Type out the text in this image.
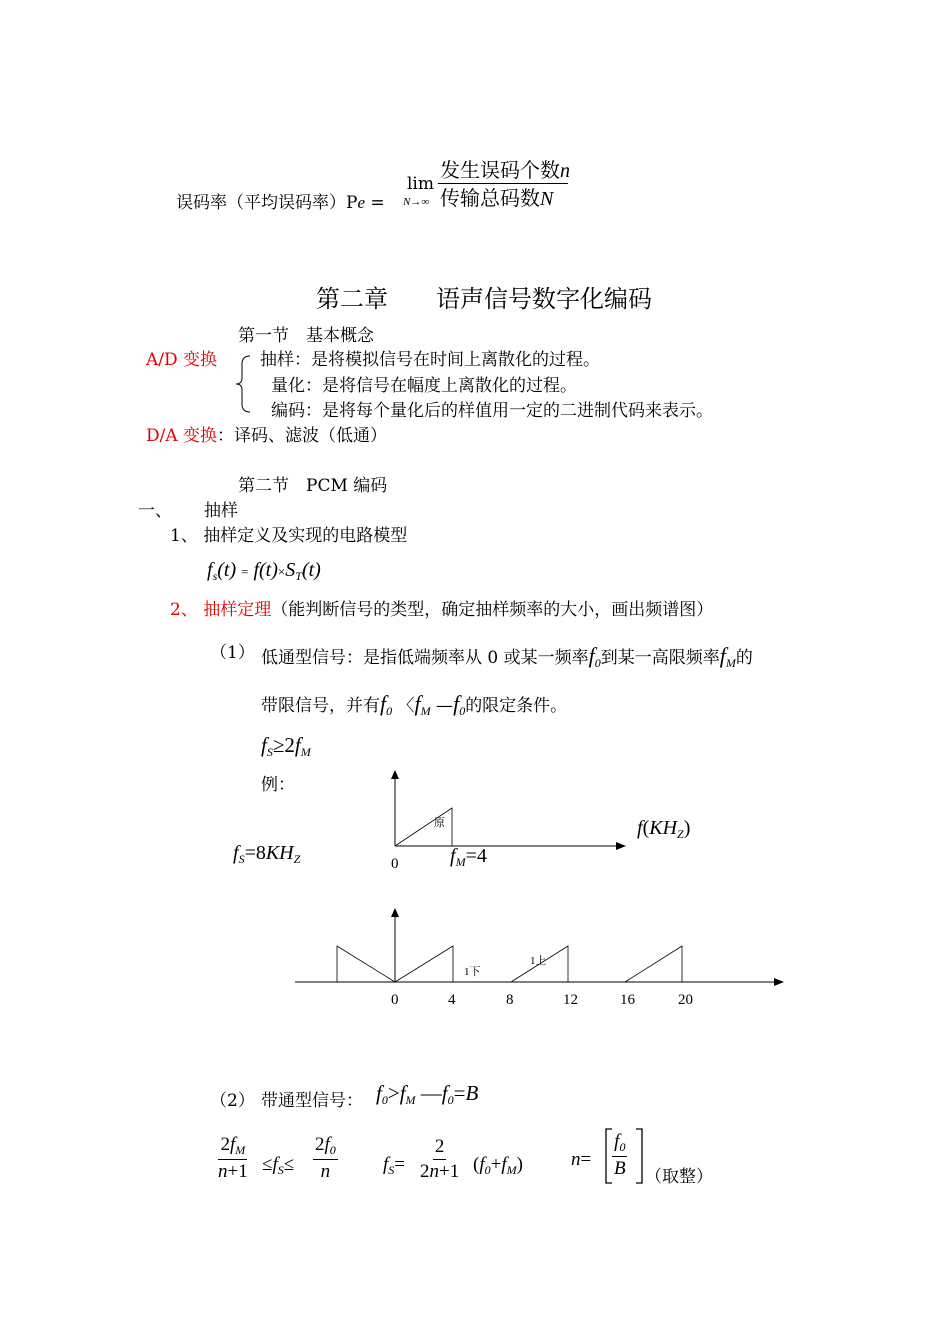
误码率（平均误码率）Pe =
lim
N→∞
发生误码个数n
传输总码数N
第二章　　语声信号数字化编码
第一节　基本概念
A/D 变换	抽样：是将模拟信号在时间上离散化的过程。
量化：是将信号在幅度上离散化的过程。
编码：是将每个量化后的样值用一定的二进制代码来表示。
D/A 变换：译码、滤波（低通）
第二节　PCM 编码
一、 抽样
1、 抽样定义及实现的电路模型
$f_s(t) = f(t)\times S_T(t)$
2、 抽样定理（能判断信号的类型，确定抽样频率的大小，画出频谱图）
（1） 低通型信号：是指低端频率从 0 或某一频率$f_0$到某一高限频率$f_M$的
带限信号，并有$f_0$ 〈$f_M$ $—f_0$的限定条件。
$f_S\ge 2f_M$
例：
$f_S=8KH_Z$
原
0	$f_M=4$
$f(KH_Z)$
1下
1上
0	4	8	12	16	20
（2） 带通型信号： $f_0>f_M$ $—f_0=B$
$\frac{2f_M}{n+1} \le f_S\le \frac{2f_0}{n} f_S= \frac{2}{2n+1} (f_0+f_M)$	$n= \frac{f_0}{B}$ （取整）
